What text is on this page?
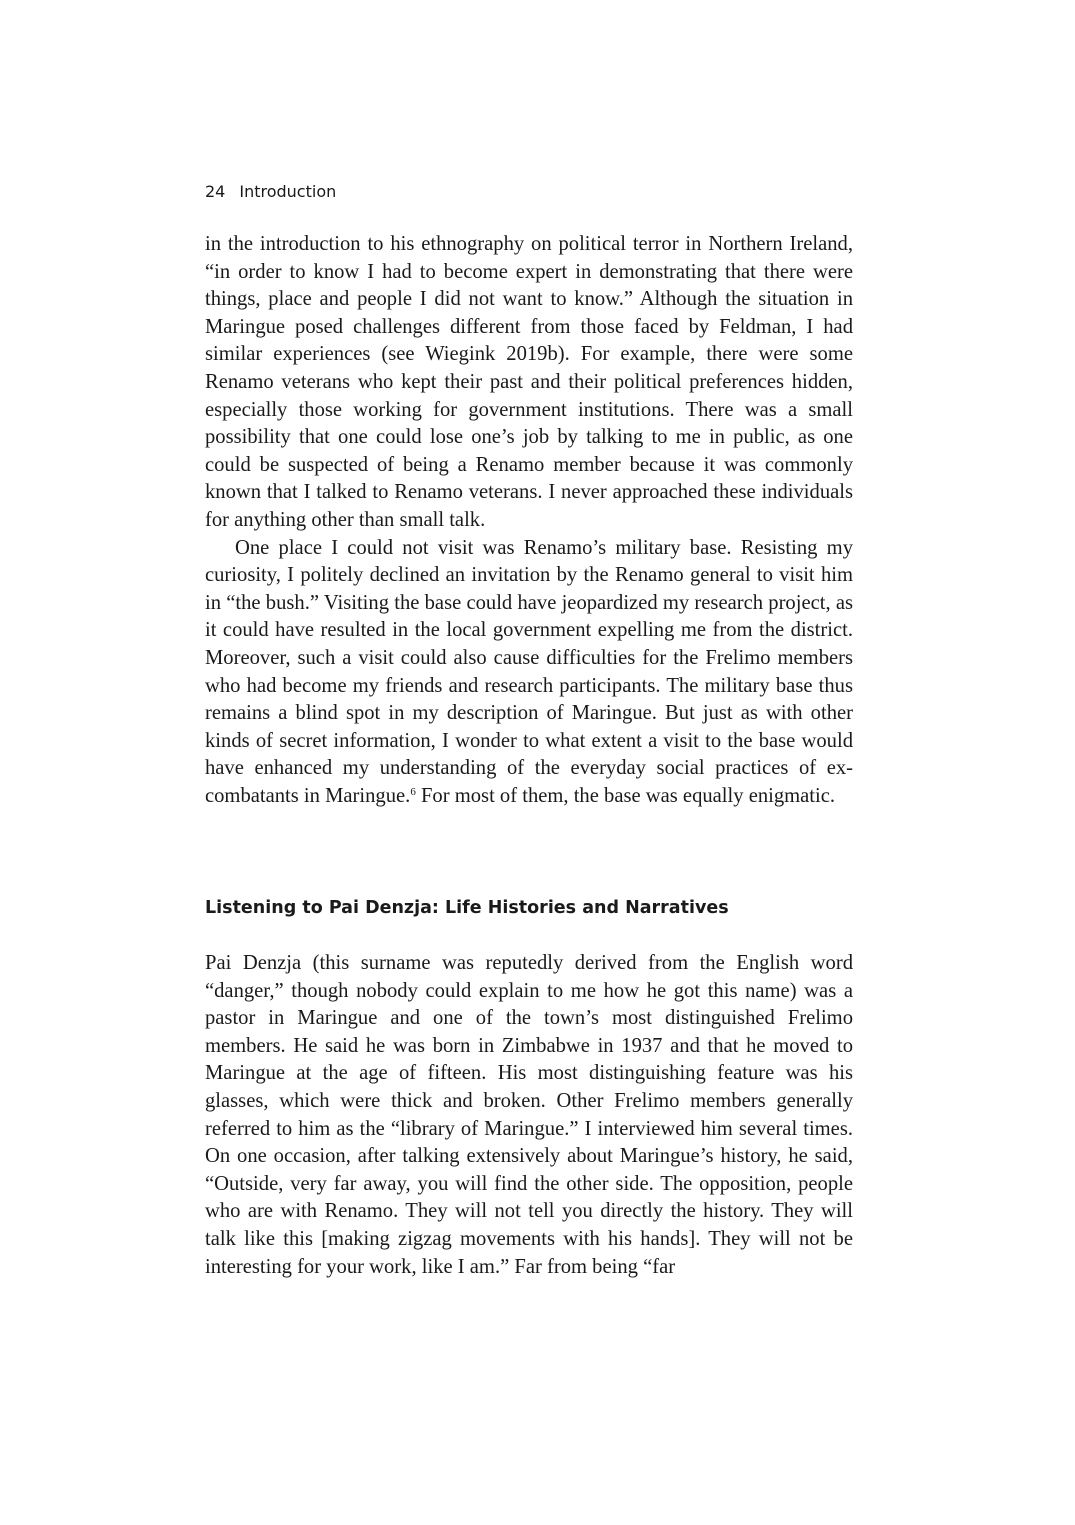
24 Introduction

in the introduction to his ethnography on political terror in Northern Ireland, “in order to know I had to become expert in demonstrating that there were things, place and people I did not want to know.” Although the situation in Maringue posed challenges different from those faced by Feldman, I had similar experiences (see Wiegink 2019b). For example, there were some Renamo veterans who kept their past and their political preferences hidden, especially those working for government institutions. There was a small possibility that one could lose one’s job by talking to me in public, as one could be suspected of being a Renamo member because it was commonly known that I talked to Renamo veterans. I never approached these individuals for anything other than small talk.

One place I could not visit was Renamo’s military base. Resisting my curiosity, I politely declined an invitation by the Renamo general to visit him in “the bush.” Visiting the base could have jeopardized my research project, as it could have resulted in the local government expelling me from the district. Moreover, such a visit could also cause difficulties for the Frelimo members who had become my friends and research participants. The military base thus remains a blind spot in my description of Maringue. But just as with other kinds of secret information, I wonder to what extent a visit to the base would have enhanced my understanding of the everyday social practices of ex-combatants in Maringue.$^6$ For most of them, the base was equally enigmatic.

Listening to Pai Denzja: Life Histories and Narratives

Pai Denzja (this surname was reputedly derived from the English word “danger,” though nobody could explain to me how he got this name) was a pastor in Maringue and one of the town’s most distinguished Frelimo members. He said he was born in Zimbabwe in 1937 and that he moved to Maringue at the age of fifteen. His most distinguishing feature was his glasses, which were thick and broken. Other Frelimo members generally referred to him as the “library of Maringue.” I interviewed him several times. On one occasion, after talking extensively about Maringue’s history, he said, “Outside, very far away, you will find the other side. The opposition, people who are with Renamo. They will not tell you directly the history. They will talk like this [making zigzag movements with his hands]. They will not be interesting for your work, like I am.” Far from being “far
